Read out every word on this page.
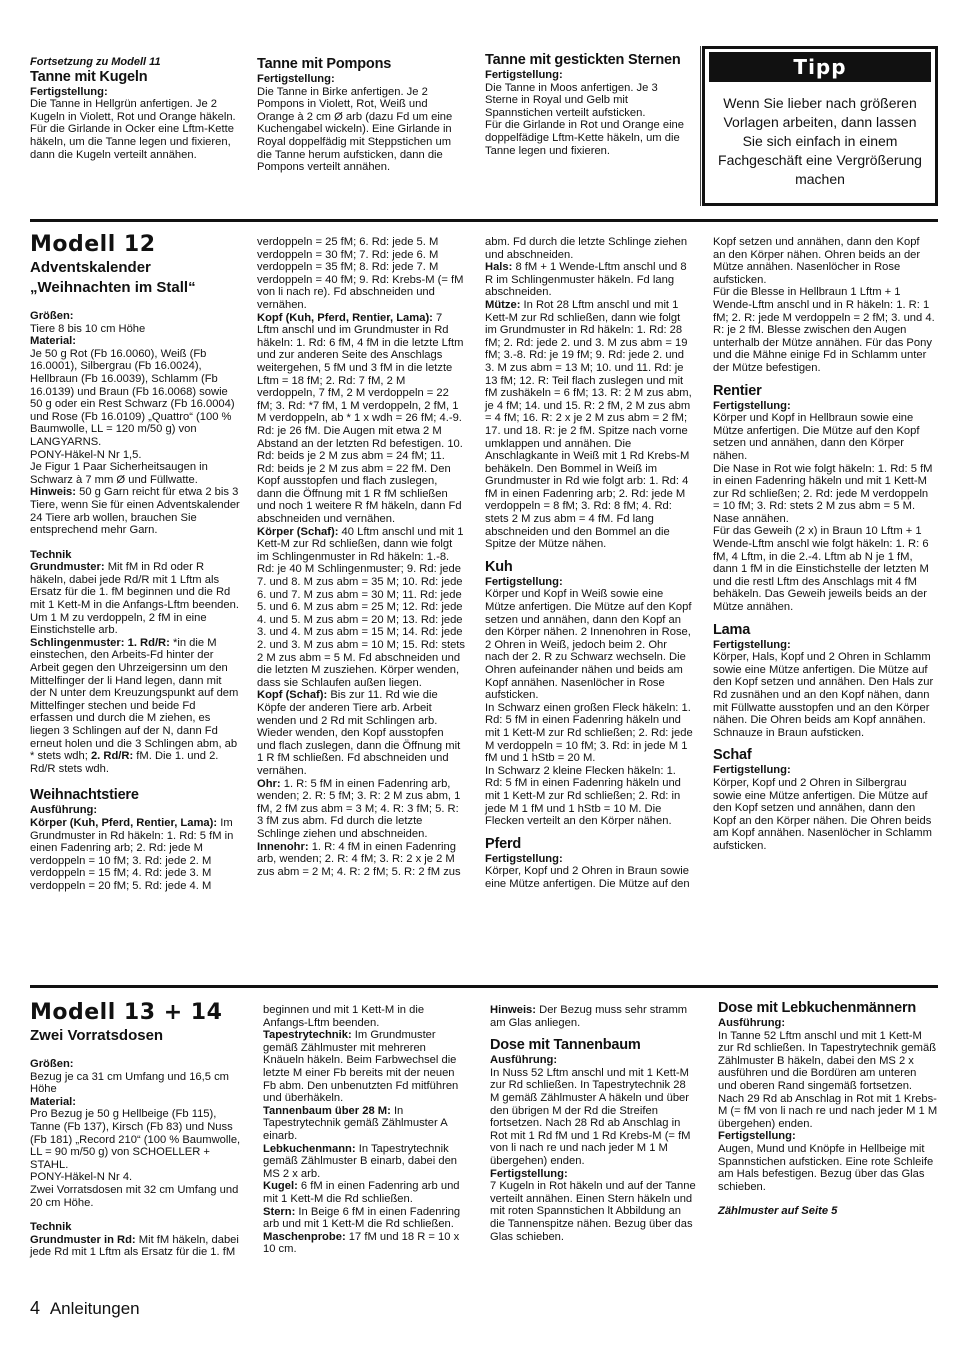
Fortsetzung zu Modell 11

Tanne mit Kugeln

Fertigstellung:

Die Tanne in Hellgrün anfertigen. Je 2 Kugeln in Violett, Rot und Orange häkeln. Für die Girlande in Ocker eine Lftm-Kette häkeln, um die Tanne legen und fixieren, dann die Kugeln verteilt annähen.

Tanne mit Pompons

Fertigstellung:

Die Tanne in Birke anfertigen. Je 2 Pompons in Violett, Rot, Weiß und Orange à 2 cm Ø arb (dazu Fd um eine Kuchengabel wickeln). Eine Girlande in Royal doppelfädig mit Steppstichen um die Tanne herum aufsticken, dann die Pompons verteilt annähen.

Tanne mit gestickten Sternen

Fertigstellung:

Die Tanne in Moos anfertigen. Je 3 Sterne in Royal und Gelb mit Spannstichen verteilt aufsticken.

Für die Girlande in Rot und Orange eine doppelfädige Lftm-Kette häkeln, um die Tanne legen und fixieren.

Tipp
Wenn Sie lieber nach größeren Vorlagen arbeiten, dann lassen Sie sich einfach in einem Fachgeschäft eine Vergrößerung machen

Modell 12

Adventskalender

„Weihnachten im Stall“

Größen:

Tiere 8 bis 10 cm Höhe

Material:

Je 50 g Rot (Fb 16.0060), Weiß (Fb 16.0001), Silbergrau (Fb 16.0024), Hellbraun (Fb 16.0039), Schlamm (Fb 16.0139) und Braun (Fb 16.0068) sowie 50 g oder ein Rest Schwarz (Fb 16.0004) und Rose (Fb 16.0109) „Quattro“ (100 % Baumwolle, LL = 120 m/50 g) von LANGYARNS.

PONY-Häkel-N Nr 1,5.

Je Figur 1 Paar Sicherheitsaugen in Schwarz à 7 mm Ø und Füllwatte.

Hinweis: 50 g Garn reicht für etwa 2 bis 3 Tiere, wenn Sie für einen Adventskalender 24 Tiere arb wollen, brauchen Sie entsprechend mehr Garn.

Technik

Grundmuster: Mit fM in Rd oder R häkeln, dabei jede Rd/R mit 1 Lftm als Ersatz für die 1. fM beginnen und die Rd mit 1 Kett-M in die Anfangs-Lftm beenden. Um 1 M zu verdoppeln, 2 fM in eine Einstichstelle arb.

Schlingenmuster: 1. Rd/R: *in die M einstechen, den Arbeits-Fd hinter der Arbeit gegen den Uhrzeigersinn um den Mittelfinger der li Hand legen, dann mit der N unter dem Kreuzungspunkt auf dem Mittelfinger stechen und beide Fd erfassen und durch die M ziehen, es liegen 3 Schlingen auf der N, dann Fd erneut holen und die 3 Schlingen abm, ab * stets wdh; 2. Rd/R: fM. Die 1. und 2. Rd/R stets wdh.

Weihnachtstiere

Ausführung:

Körper (Kuh, Pferd, Rentier, Lama): Im Grundmuster in Rd häkeln: 1. Rd: 5 fM in einen Fadenring arb; 2. Rd: jede M verdoppeln = 10 fM; 3. Rd: jede 2. M verdoppeln = 15 fM; 4. Rd: jede 3. M verdoppeln = 20 fM; 5. Rd: jede 4. M

verdoppeln = 25 fM; 6. Rd: jede 5. M verdoppeln = 30 fM; 7. Rd: jede 6. M verdoppeln = 35 fM; 8. Rd: jede 7. M verdoppeln = 40 fM; 9. Rd: Krebs-M (= fM von li nach re). Fd abschneiden und vernähen.

Kopf (Kuh, Pferd, Rentier, Lama): 7 Lftm anschl und im Grundmuster in Rd häkeln: 1. Rd: 6 fM, 4 fM in die letzte Lftm und zur anderen Seite des Anschlags weitergehen, 5 fM und 3 fM in die letzte Lftm = 18 fM; 2. Rd: 7 fM, 2 M verdoppeln, 7 fM, 2 M verdoppeln = 22 fM; 3. Rd: *7 fM, 1 M verdoppeln, 2 fM, 1 M verdoppeln, ab * 1 x wdh = 26 fM; 4.-9. Rd: je 26 fM. Die Augen mit etwa 2 M Abstand an der letzten Rd befestigen. 10. Rd: beids je 2 M zus abm = 24 fM; 11. Rd: beids je 2 M zus abm = 22 fM. Den Kopf ausstopfen und flach zuslegen, dann die Öffnung mit 1 R fM schließen und noch 1 weitere R fM häkeln, dann Fd abschneiden und vernähen.

Körper (Schaf): 40 Lftm anschl und mit 1 Kett-M zur Rd schließen, dann wie folgt im Schlingenmuster in Rd häkeln: 1.-8. Rd: je 40 M Schlingenmuster; 9. Rd: jede 7. und 8. M zus abm = 35 M; 10. Rd: jede 6. und 7. M zus abm = 30 M; 11. Rd: jede 5. und 6. M zus abm = 25 M; 12. Rd: jede 4. und 5. M zus abm = 20 M; 13. Rd: jede 3. und 4. M zus abm = 15 M; 14. Rd: jede 2. und 3. M zus abm = 10 M; 15. Rd: stets 2 M zus abm = 5 M. Fd abschneiden und die letzten M zusziehen. Körper wenden, dass sie Schlaufen außen liegen.

Kopf (Schaf): Bis zur 11. Rd wie die Köpfe der anderen Tiere arb. Arbeit wenden und 2 Rd mit Schlingen arb. Wieder wenden, den Kopf ausstopfen und flach zuslegen, dann die Öffnung mit 1 R fM schließen. Fd abschneiden und vernähen.

Ohr: 1. R: 5 fM in einen Fadenring arb, wenden; 2. R: 5 fM; 3. R: 2 M zus abm, 1 fM, 2 fM zus abm = 3 M; 4. R: 3 fM; 5. R: 3 fM zus abm. Fd durch die letzte Schlinge ziehen und abschneiden.

Innenohr: 1. R: 4 fM in einen Fadenring arb, wenden; 2. R: 4 fM; 3. R: 2 x je 2 M zus abm = 2 M; 4. R: 2 fM; 5. R: 2 fM zus

abm. Fd durch die letzte Schlinge ziehen und abschneiden.

Hals: 8 fM + 1 Wende-Lftm anschl und 8 R im Schlingenmuster häkeln. Fd lang abschneiden.

Mütze: In Rot 28 Lftm anschl und mit 1 Kett-M zur Rd schließen, dann wie folgt im Grundmuster in Rd häkeln: 1. Rd: 28 fM; 2. Rd: jede 2. und 3. M zus abm = 19 fM; 3.-8. Rd: je 19 fM; 9. Rd: jede 2. und 3. M zus abm = 13 M; 10. und 11. Rd: je 13 fM; 12. R: Teil flach zuslegen und mit fM zushäkeln = 6 fM; 13. R: 2 M zus abm, je 4 fM; 14. und 15. R: 2 fM, 2 M zus abm = 4 fM; 16. R: 2 x je 2 M zus abm = 2 fM; 17. und 18. R: je 2 fM. Spitze nach vorne umklappen und annähen. Die Anschlagkante in Weiß mit 1 Rd Krebs-M behäkeln. Den Bommel in Weiß im Grundmuster in Rd wie folgt arb: 1. Rd: 4 fM in einen Fadenring arb; 2. Rd: jede M verdoppeln = 8 fM; 3. Rd: 8 fM; 4. Rd: stets 2 M zus abm = 4 fM. Fd lang abschneiden und den Bommel an die Spitze der Mütze nähen.

Kuh

Fertigstellung:

Körper und Kopf in Weiß sowie eine Mütze anfertigen. Die Mütze auf den Kopf setzen und annähen, dann den Kopf an den Körper nähen. 2 Innenohren in Rose, 2 Ohren in Weiß, jedoch beim 2. Ohr nach der 2. R zu Schwarz wechseln. Die Ohren aufeinander nähen und beids am Kopf annähen. Nasenlöcher in Rose aufsticken.

In Schwarz einen großen Fleck häkeln: 1. Rd: 5 fM in einen Fadenring häkeln und mit 1 Kett-M zur Rd schließen; 2. Rd: jede M verdoppeln = 10 fM; 3. Rd: in jede M 1 fM und 1 hStb = 20 M.

In Schwarz 2 kleine Flecken häkeln: 1. Rd: 5 fM in einen Fadenring häkeln und mit 1 Kett-M zur Rd schließen; 2. Rd: in jede M 1 fM und 1 hStb = 10 M. Die Flecken verteilt an den Körper nähen.

Pferd

Fertigstellung:

Körper, Kopf und 2 Ohren in Braun sowie eine Mütze anfertigen. Die Mütze auf den

Kopf setzen und annähen, dann den Kopf an den Körper nähen. Ohren beids an der Mütze annähen. Nasenlöcher in Rose aufsticken.

Für die Blesse in Hellbraun 1 Lftm + 1 Wende-Lftm anschl und in R häkeln: 1. R: 1 fM; 2. R: jede M verdoppeln = 2 fM; 3. und 4. R: je 2 fM. Blesse zwischen den Augen unterhalb der Mütze annähen. Für das Pony und die Mähne einige Fd in Schlamm unter der Mütze befestigen.

Rentier

Fertigstellung:

Körper und Kopf in Hellbraun sowie eine Mütze anfertigen. Die Mütze auf den Kopf setzen und annähen, dann den Körper nähen.

Die Nase in Rot wie folgt häkeln: 1. Rd: 5 fM in einen Fadenring häkeln und mit 1 Kett-M zur Rd schließen; 2. Rd: jede M verdoppeln = 10 fM; 3. Rd: stets 2 M zus abm = 5 M. Nase annähen.

Für das Geweih (2 x) in Braun 10 Lftm + 1 Wende-Lftm anschl wie folgt häkeln: 1. R: 6 fM, 4 Lftm, in die 2.-4. Lftm ab N je 1 fM, dann 1 fM in die Einstichstelle der letzten M und die restl Lftm des Anschlags mit 4 fM behäkeln. Das Geweih jeweils beids an der Mütze annähen.

Lama

Fertigstellung:

Körper, Hals, Kopf und 2 Ohren in Schlamm sowie eine Mütze anfertigen. Die Mütze auf den Kopf setzen und annähen. Den Hals zur Rd zusnähen und an den Kopf nähen, dann mit Füllwatte ausstopfen und an den Körper nähen. Die Ohren beids am Kopf annähen. Schnauze in Braun aufsticken.

Schaf

Fertigstellung:

Körper, Kopf und 2 Ohren in Silbergrau sowie eine Mütze anfertigen. Die Mütze auf den Kopf setzen und annähen, dann den Kopf an den Körper nähen. Die Ohren beids am Kopf annähen. Nasenlöcher in Schlamm aufsticken.

Modell 13 + 14

Zwei Vorratsdosen

Größen:

Bezug je ca 31 cm Umfang und 16,5 cm Höhe

Material:

Pro Bezug je 50 g Hellbeige (Fb 115), Tanne (Fb 137), Kirsch (Fb 83) und Nuss (Fb 181) „Record 210“ (100 % Baumwolle, LL = 90 m/50 g) von SCHOELLER + STAHL.

PONY-Häkel-N Nr 4.

Zwei Vorratsdosen mit 32 cm Umfang und 20 cm Höhe.

Technik

Grundmuster in Rd: Mit fM häkeln, dabei jede Rd mit 1 Lftm als Ersatz für die 1. fM

beginnen und mit 1 Kett-M in die Anfangs-Lftm beenden.

Tapestrytechnik: Im Grundmuster gemäß Zählmuster mit mehreren Knäueln häkeln. Beim Farbwechsel die letzte M einer Fb bereits mit der neuen Fb abm. Den unbenutzten Fd mitführen und überhäkeln.

Tannenbaum über 28 M: In Tapestrytechnik gemäß Zählmuster A einarb.

Lebkuchenmann: In Tapestrytechnik gemäß Zählmuster B einarb, dabei den MS 2 x arb.

Kugel: 6 fM in einen Fadenring arb und mit 1 Kett-M die Rd schließen.

Stern: In Beige 6 fM in einen Fadenring arb und mit 1 Kett-M die Rd schließen.

Maschenprobe: 17 fM und 18 R = 10 x 10 cm.

Hinweis: Der Bezug muss sehr stramm am Glas anliegen.

Dose mit Tannenbaum

Ausführung:

In Nuss 52 Lftm anschl und mit 1 Kett-M zur Rd schließen. In Tapestrytechnik 28 M gemäß Zählmuster A häkeln und über den übrigen M der Rd die Streifen fortsetzen. Nach 28 Rd ab Anschlag in Rot mit 1 Rd fM und 1 Rd Krebs-M (= fM von li nach re und nach jeder M 1 M übergehen) enden.

Fertigstellung:

7 Kugeln in Rot häkeln und auf der Tanne verteilt annähen. Einen Stern häkeln und mit roten Spannstichen lt Abbildung an die Tannenspitze nähen. Bezug über das Glas schieben.

Dose mit Lebkuchenmännern

Ausführung:

In Tanne 52 Lftm anschl und mit 1 Kett-M zur Rd schließen. In Tapestrytechnik gemäß Zählmuster B häkeln, dabei den MS 2 x ausführen und die Bordüren am unteren und oberen Rand singemäß fortsetzen. Nach 29 Rd ab Anschlag in Rot mit 1 Krebs-M (= fM von li nach re und nach jeder M 1 M übergehen) enden.

Fertigstellung:

Augen, Mund und Knöpfe in Hellbeige mit Spannstichen aufsticken. Eine rote Schleife am Hals befestigen. Bezug über das Glas schieben.

Zählmuster auf Seite 5

4 Anleitungen
